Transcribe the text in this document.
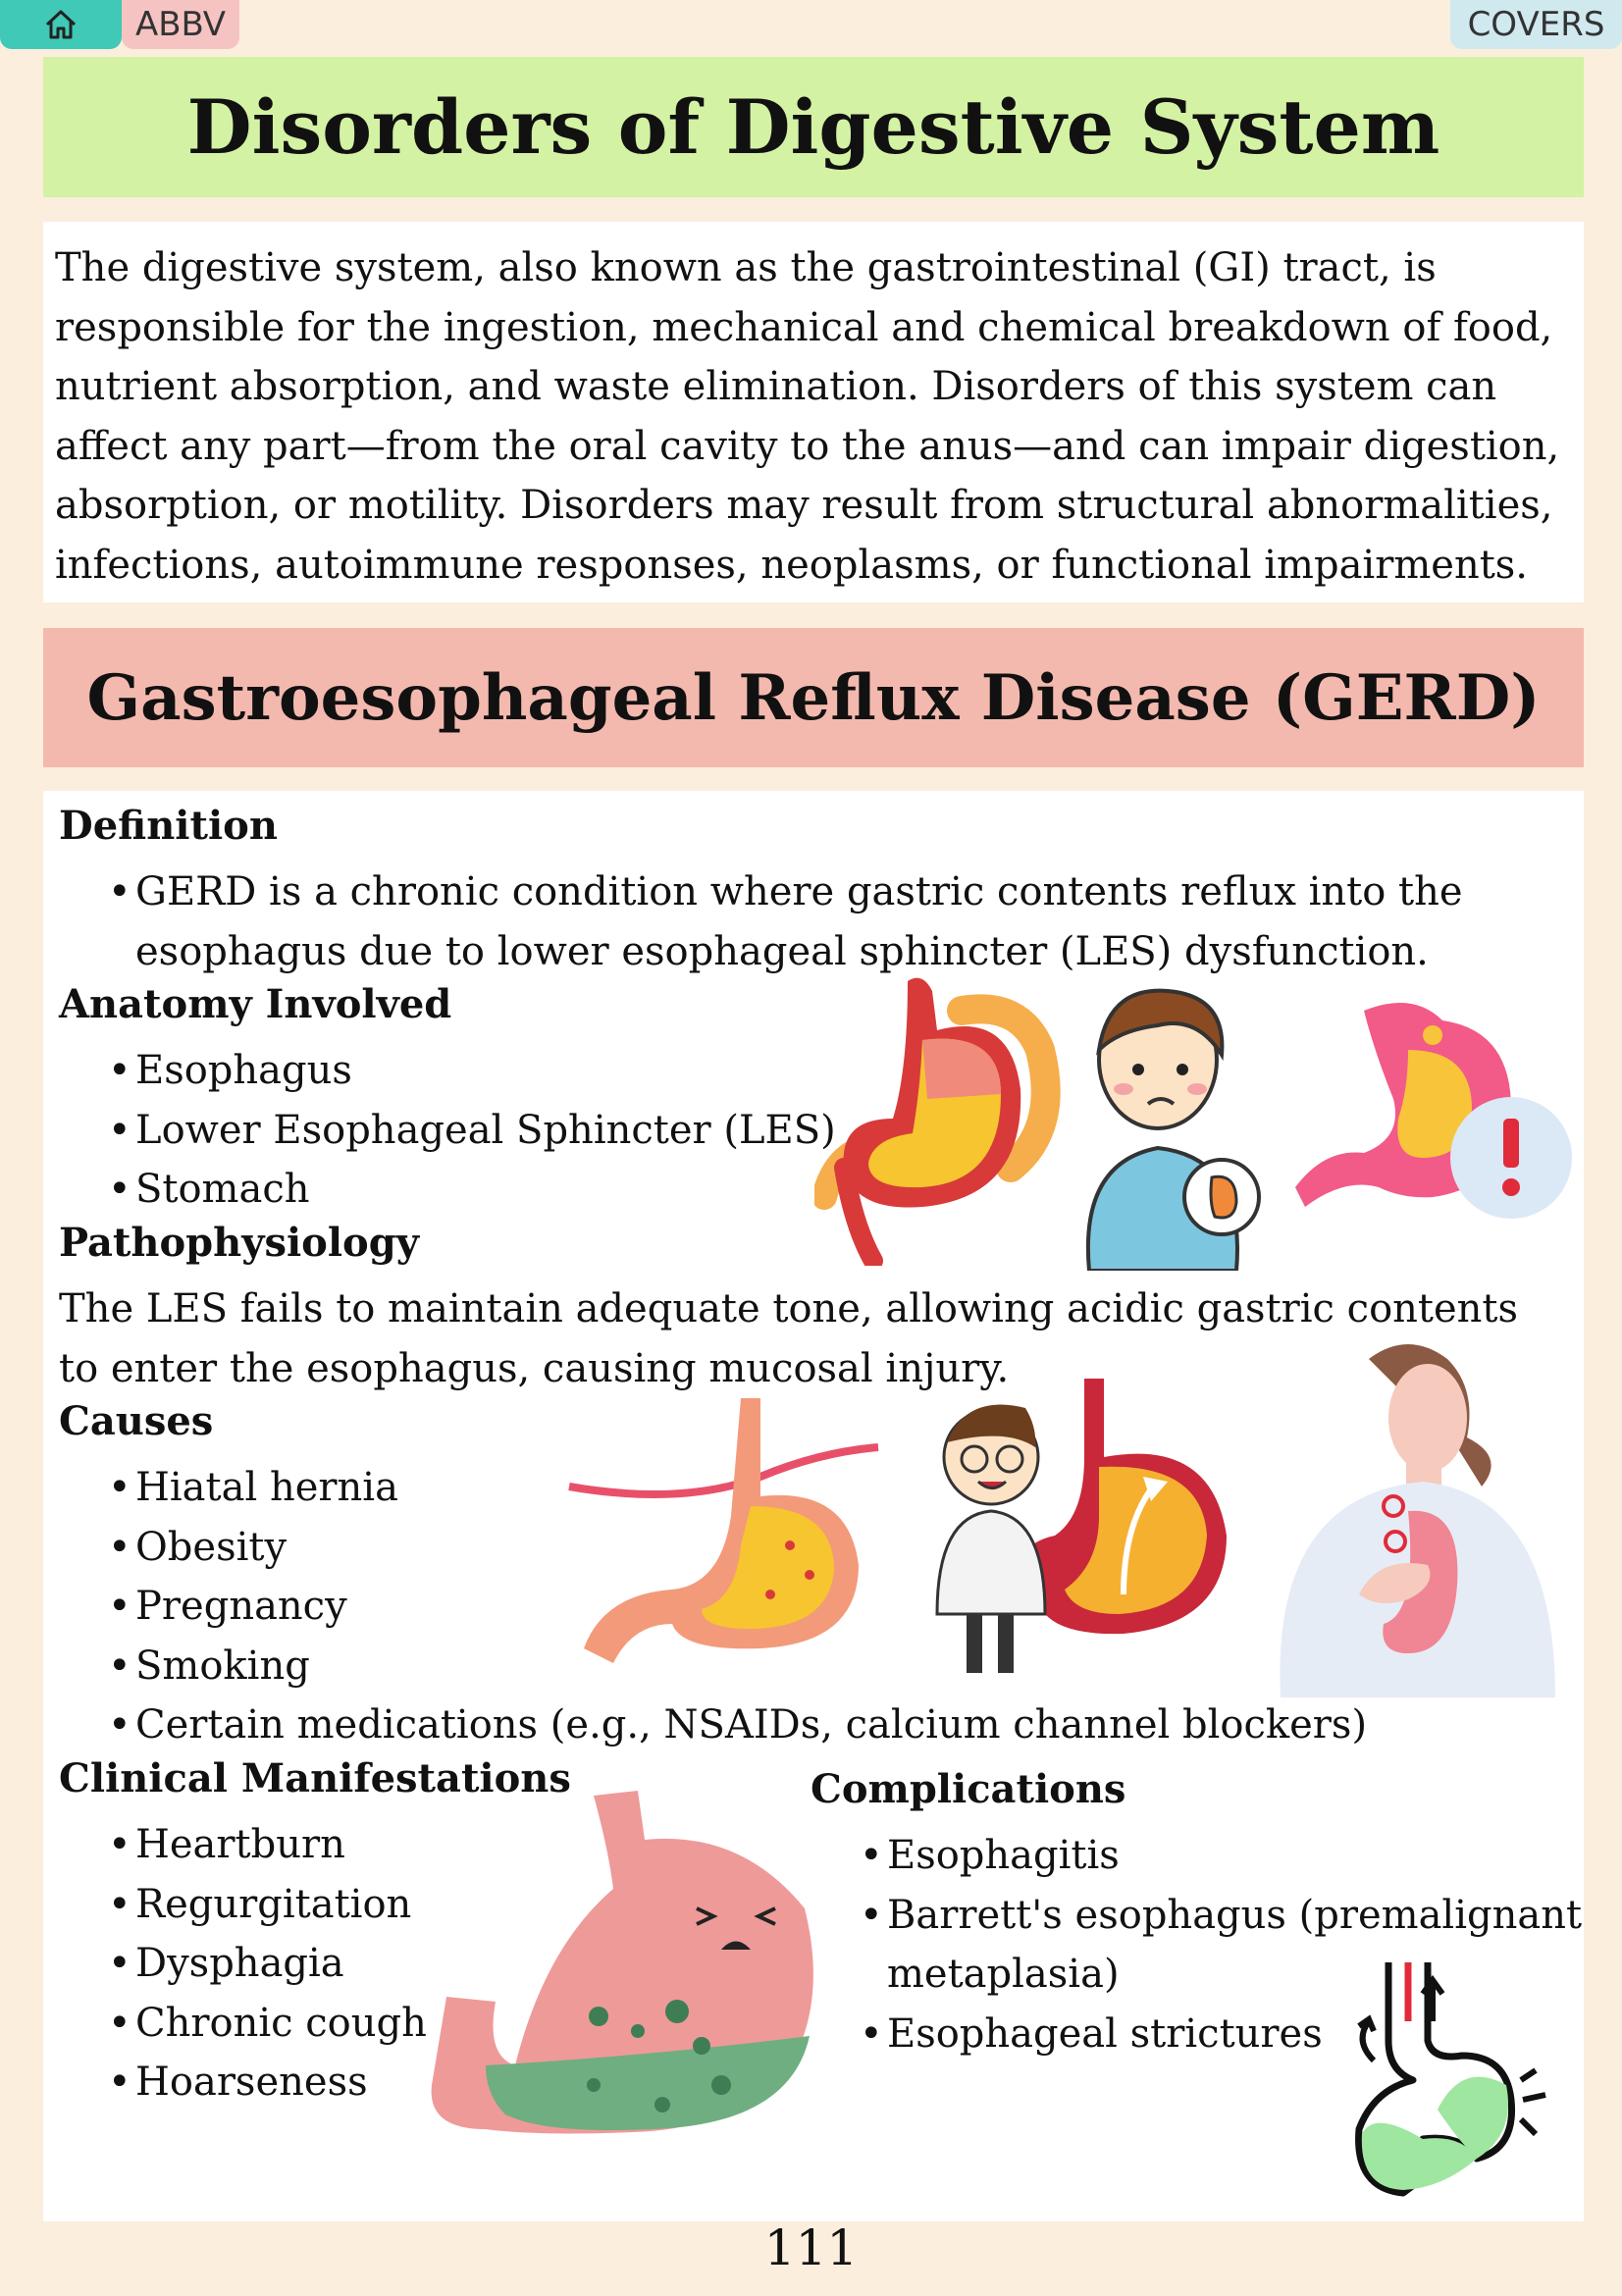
ABBV	COVERS
Disorders of Digestive System
The digestive system, also known as the gastrointestinal (GI) tract, is responsible for the ingestion, mechanical and chemical breakdown of food, nutrient absorption, and waste elimination. Disorders of this system can affect any part—from the oral cavity to the anus—and can impair digestion, absorption, or motility. Disorders may result from structural abnormalities, infections, autoimmune responses, neoplasms, or functional impairments.
Gastroesophageal Reflux Disease (GERD)
Definition
• GERD is a chronic condition where gastric contents reflux into the esophagus due to lower esophageal sphincter (LES) dysfunction.
Anatomy Involved
• Esophagus
• Lower Esophageal Sphincter (LES)
• Stomach
Pathophysiology
The LES fails to maintain adequate tone, allowing acidic gastric contents to enter the esophagus, causing mucosal injury.
Causes
• Hiatal hernia
• Obesity
• Pregnancy
• Smoking
• Certain medications (e.g., NSAIDs, calcium channel blockers)
Clinical Manifestations
• Heartburn
• Regurgitation
• Dysphagia
• Chronic cough
• Hoarseness
Complications
• Esophagitis
• Barrett's esophagus (premalignant metaplasia)
• Esophageal strictures
111
